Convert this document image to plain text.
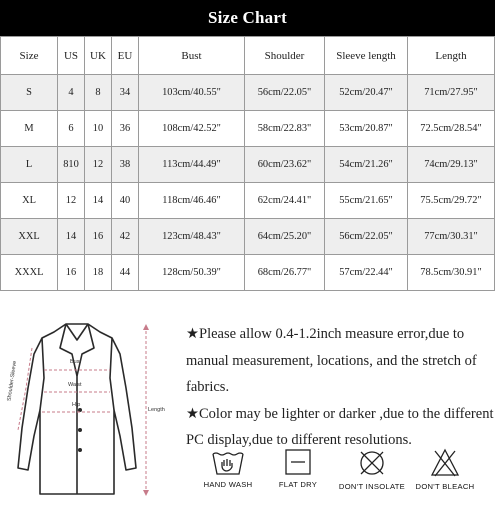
Size Chart
Size	US	UK	EU	Bust	Shoulder	Sleeve length	Length
S	4	8	34	103cm/40.55"	56cm/22.05"	52cm/20.47"	71cm/27.95"
M	6	10	36	108cm/42.52"	58cm/22.83"	53cm/20.87"	72.5cm/28.54"
L	810	12	38	113cm/44.49"	60cm/23.62"	54cm/21.26"	74cm/29.13"
XL	12	14	40	118cm/46.46"	62cm/24.41"	55cm/21.65"	75.5cm/29.72"
XXL	14	16	42	123cm/48.43"	64cm/25.20"	56cm/22.05"	77cm/30.31"
XXXL	16	18	44	128cm/50.39"	68cm/26.77"	57cm/22.44"	78.5cm/30.91"
Bust
Waist
Hip
Shoulder-Sleeve
Length

★Please allow 0.4-1.2inch measure error,due to manual measurement, locations, and the stretch of fabrics.

★Color may be lighter or darker ,due to the different PC display,due to different resolutions.

HAND WASH	FLAT DRY	DON'T INSOLATE DON'T BLEACH
